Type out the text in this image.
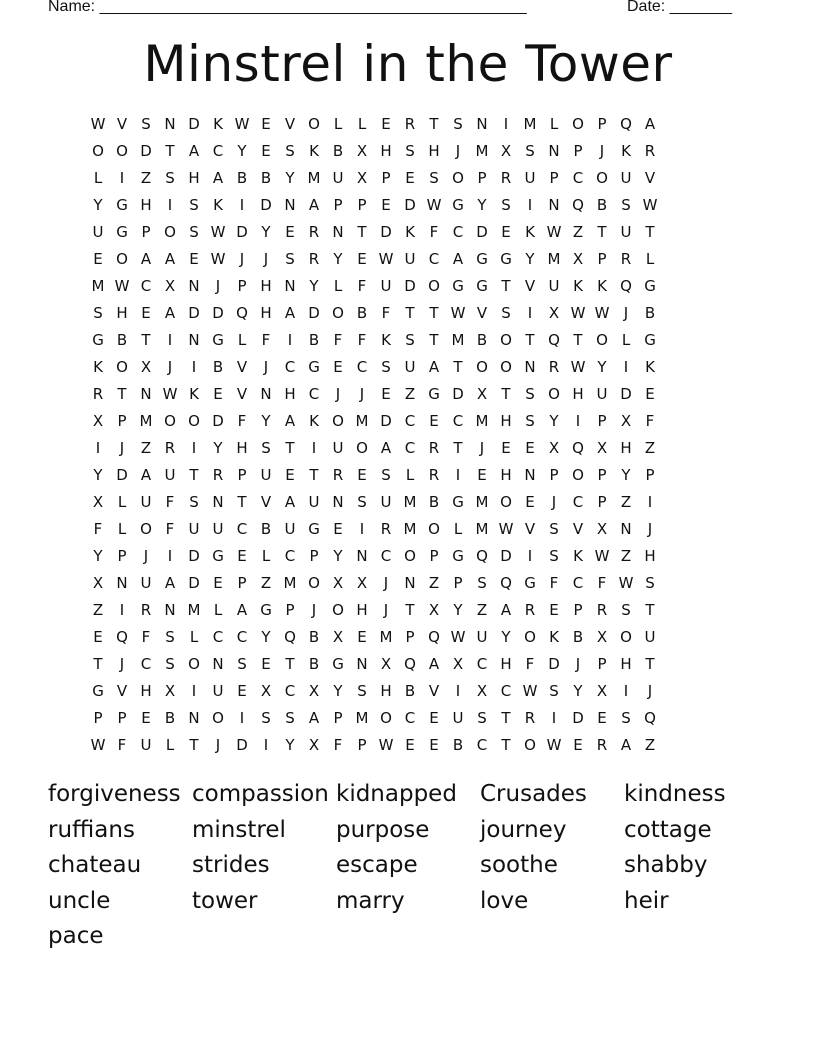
Name: ________________________________________________	Date: _______
Minstrel in the Tower
W V S N D K W E V O L	L	E R T S N	I	M L O P Q A
O O D T A C Y E S K B X H S H	J	M X S N P	J	K R
L	I	Z S H A B B Y M U X P E S O P R U P C O U V
Y G H	I	S K	I	D N A P P E D W G Y S	I	N Q B S W
U G P O S W D Y E R N T D K F C D E K W Z T U T
E O A A E W J	J	S R Y E W U C A G G Y M X P R L
M W C X N	J	P H N Y	L	F U D O G G T V U K K Q G
S H E A D D Q H A D O B F	T T W V S	I	X W W J	B
G B T	I	N G L	F	I	B F	F K S T M B O T Q T O L G
K O X	J	I	B V	J	C G E C S U A T O O N R W Y	I	K
R T N W K E V N H C	J	J	E Z G D X T S O H U D E
X P M O O D F	Y A K O M D C E C M H S Y	I	P X F
I	J	Z R	I	Y H S T	I	U O A C R T	J	E E X Q X H Z
Y D A U T R P U E T R E S	L R	I	E H N P O P Y P
X L U F S N T V A U N S U M B G M O E	J	C P Z	I
F	L O F U U C B U G E	I	R M O L M W V S V X N	J
Y P	J	I	D G E	L C P Y N C O P G Q D	I	S K W Z H
X N U A D E P Z M O X X	J	N Z P S Q G F C F W S
Z	I	R N M L A G P	J	O H	J	T X Y Z A R E P R S T
E Q F S	L C C Y Q B X E M P Q W U Y O K B X O U
T	J	C S O N S E T B G N X Q A X C H F D	J	P H T
G V H X	I	U E X C X Y S H B V	I	X C W S Y X	I	J
P P E B N O	I	S S A P M O C E U S T R	I	D E S Q
W F U L	T	J	D	I	Y X F	P W E E B C T O W E R A Z
forgiveness compassion kidnapped	Crusades	kindness
ruffians	minstrel	purpose	journey	cottage
chateau	strides	escape	soothe	shabby
uncle	tower	marry	love	heir
pace
